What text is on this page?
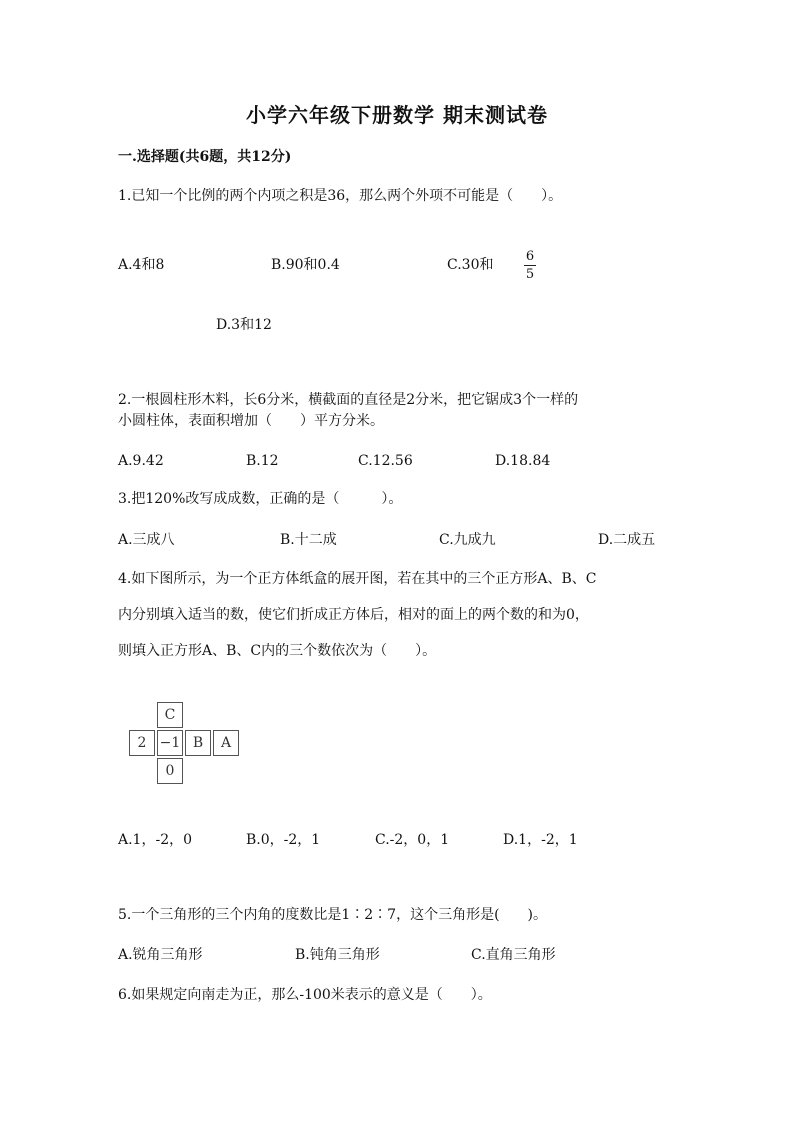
小学六年级下册数学 期末测试卷
一.选择题(共6题，共12分)
1.已知一个比例的两个内项之积是36，那么两个外项不可能是（　　）。
A.4和8	B.90和0.4	C.30和
6
5
D.3和12
2.一根圆柱形木料，长6分米，横截面的直径是2分米，把它锯成3个一样的
小圆柱体，表面积增加（　　）平方分米。
A.9.42	B.12	C.12.56	D.18.84
3.把120%改写成成数，正确的是（　　　）。
A.三成八	B.十二成	C.九成九	D.二成五
4.如下图所示，为一个正方体纸盒的展开图，若在其中的三个正方形A、B、C
内分别填入适当的数，使它们折成正方体后，相对的面上的两个数的和为0，
则填入正方形A、B、C内的三个数依次为（　　）。
C
2 −1 B	A
0
A.1，-2，0	B.0，-2，1	C.-2，0，1	D.1，-2，1
5.一个三角形的三个内角的度数比是1∶2∶7，这个三角形是(　　)。
A.锐角三角形	B.钝角三角形	C.直角三角形
6.如果规定向南走为正，那么-100米表示的意义是（　　）。
